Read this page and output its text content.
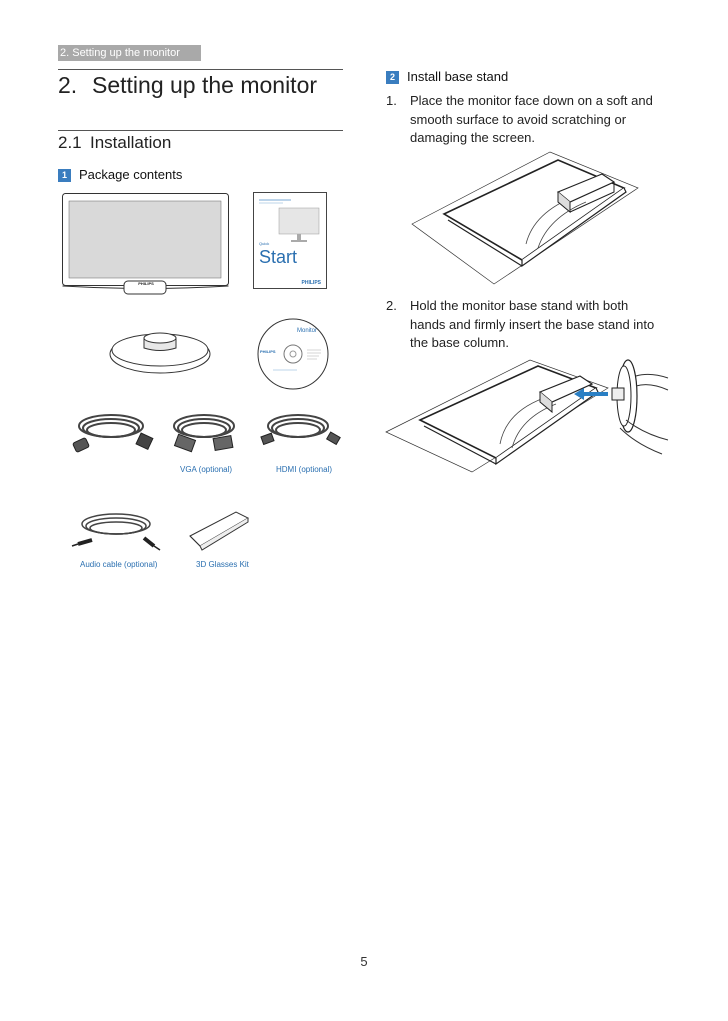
2. Setting up the monitor
2. Setting up the monitor
2.1 Installation
1 Package contents
PHILIPS
Quick
Start
PHILIPS
Monitor
PHILIPS
VGA (optional)	HDMI (optional)
Audio cable (optional)	3D Glasses Kit
2 Install base stand
1. Place the monitor face down on a soft and smooth surface to avoid scratching or damaging the screen.
2. Hold the monitor base stand with both hands and firmly insert the base stand into the base column.
5
